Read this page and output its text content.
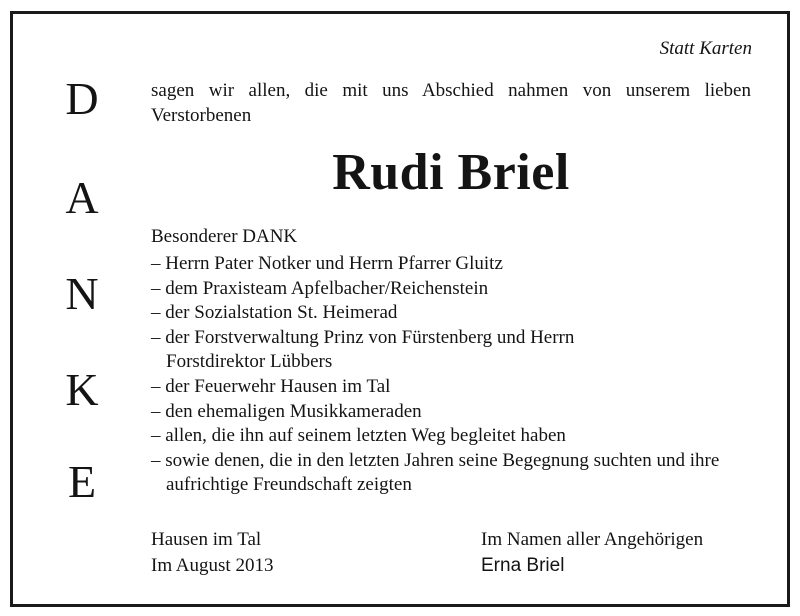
Statt Karten
D
A
N
K
E
sagen wir allen, die mit uns Abschied nahmen von unserem lieben Verstorbenen
Rudi Briel
Besonderer DANK
– Herrn Pater Notker und Herrn Pfarrer Gluitz
– dem Praxisteam Apfelbacher/Reichenstein
– der Sozialstation St. Heimerad
– der Forstverwaltung Prinz von Fürstenberg und Herrn Forstdirektor Lübbers
– der Feuerwehr Hausen im Tal
– den ehemaligen Musikkameraden
– allen, die ihn auf seinem letzten Weg begleitet haben
– sowie denen, die in den letzten Jahren seine Begegnung suchten und ihre aufrichtige Freundschaft zeigten
Hausen im Tal
Im August 2013
Im Namen aller Angehörigen
Erna Briel
